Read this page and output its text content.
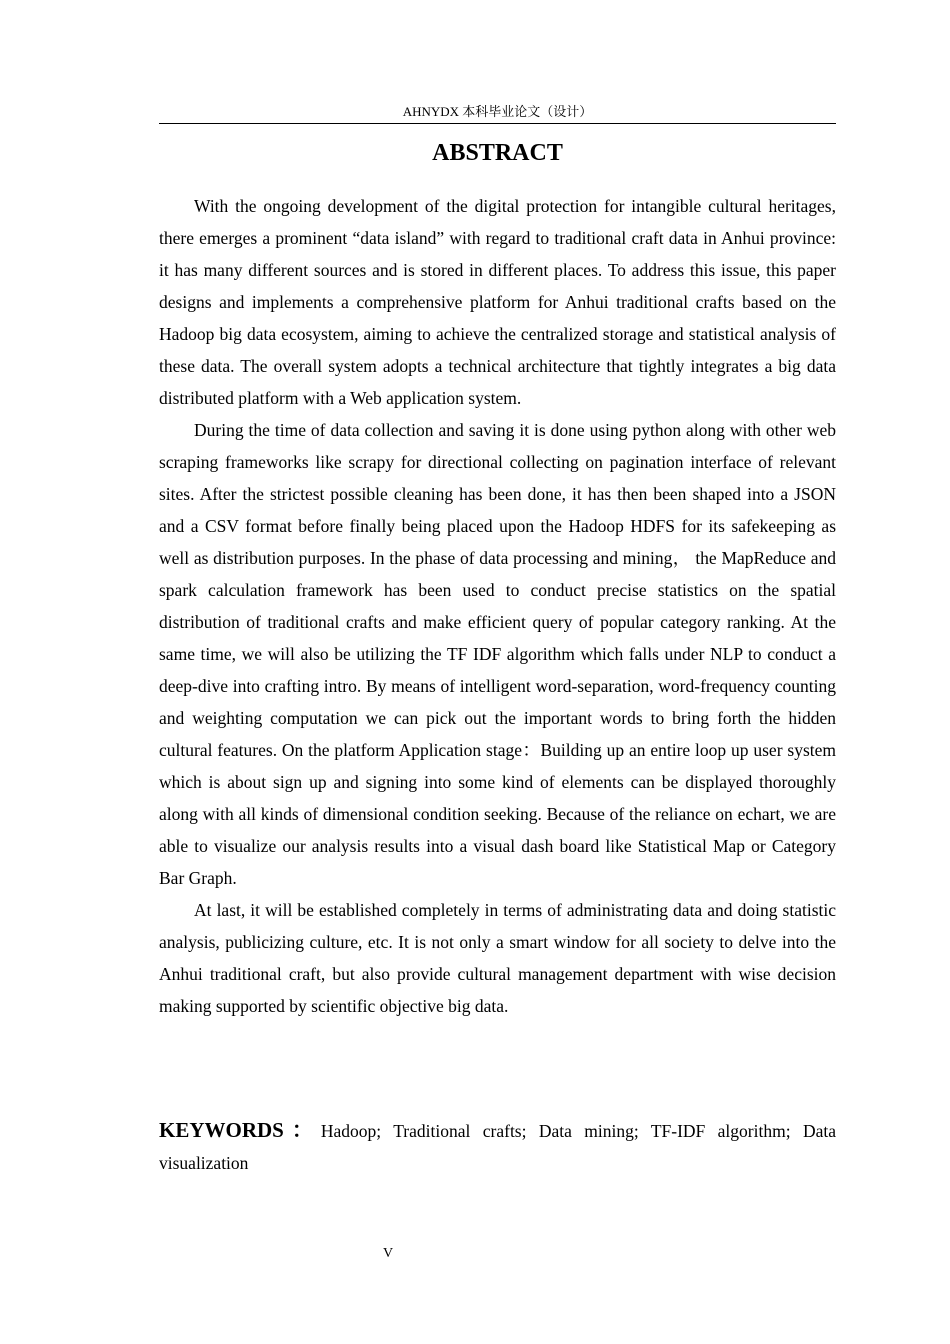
AHNYDX 本科毕业论文（设计）
ABSTRACT

With the ongoing development of the digital protection for intangible cultural heritages, there emerges a prominent “data island” with regard to traditional craft data in Anhui province: it has many different sources and is stored in different places. To address this issue, this paper designs and implements a comprehensive platform for Anhui traditional crafts based on the Hadoop big data ecosystem, aiming to achieve the centralized storage and statistical analysis of these data. The overall system adopts a technical architecture that tightly integrates a big data distributed platform with a Web application system.

During the time of data collection and saving it is done using python along with other web scraping frameworks like scrapy for directional collecting on pagination interface of relevant sites. After the strictest possible cleaning has been done, it has then been shaped into a JSON and a CSV format before finally being placed upon the Hadoop HDFS for its safekeeping as well as distribution purposes. In the phase of data processing and mining， the MapReduce and spark calculation framework has been used to conduct precise statistics on the spatial distribution of traditional crafts and make efficient query of popular category ranking. At the same time, we will also be utilizing the TF IDF algorithm which falls under NLP to conduct a deep-dive into crafting intro. By means of intelligent word-separation, word-frequency counting and weighting computation we can pick out the important words to bring forth the hidden cultural features. On the platform Application stage：Building up an entire loop up user system which is about sign up and signing into some kind of elements can be displayed thoroughly along with all kinds of dimensional condition seeking. Because of the reliance on echart, we are able to visualize our analysis results into a visual dash board like Statistical Map or Category Bar Graph.

At last, it will be established completely in terms of administrating data and doing statistic analysis, publicizing culture, etc. It is not only a smart window for all society to delve into the Anhui traditional craft, but also provide cultural management department with wise decision making supported by scientific objective big data.

KEYWORDS：Hadoop; Traditional crafts; Data mining; TF-IDF algorithm; Data visualization
V
